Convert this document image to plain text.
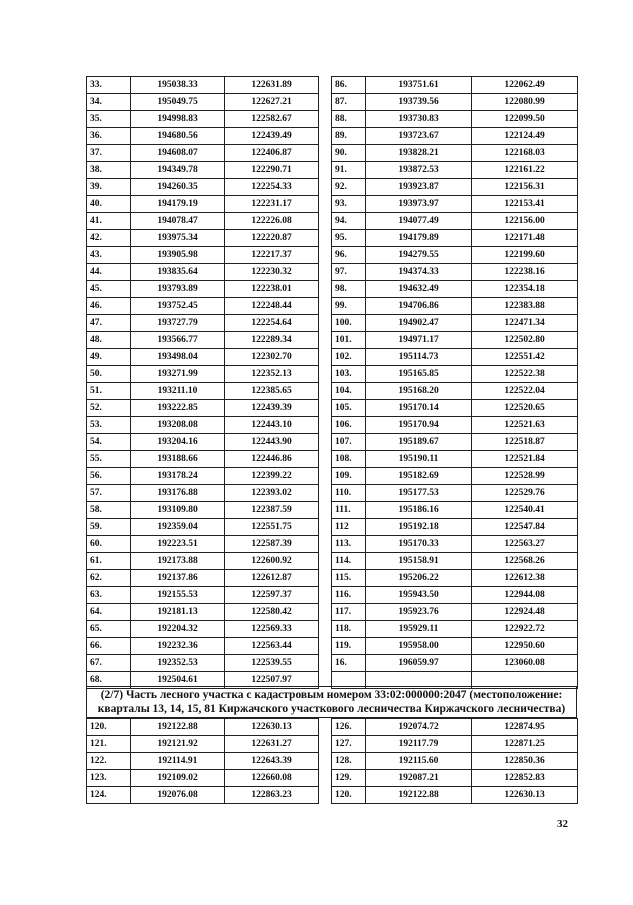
33.	195038.33	122631.89
34.	195049.75	122627.21
35.	194998.83	122582.67
36.	194680.56	122439.49
37.	194608.07	122406.87
38.	194349.78	122290.71
39.	194260.35	122254.33
40.	194179.19	122231.17
41.	194078.47	122226.08
42.	193975.34	122220.87
43.	193905.98	122217.37
44.	193835.64	122230.32
45.	193793.89	122238.01
46.	193752.45	122248.44
47.	193727.79	122254.64
48.	193566.77	122289.34
49.	193498.04	122302.70
50.	193271.99	122352.13
51.	193211.10	122385.65
52.	193222.85	122439.39
53.	193208.08	122443.10
54.	193204.16	122443.90
55.	193188.66	122446.86
56.	193178.24	122399.22
57.	193176.88	122393.02
58.	193109.80	122387.59
59.	192359.04	122551.75
60.	192223.51	122587.39
61.	192173.88	122600.92
62.	192137.86	122612.87
63.	192155.53	122597.37
64.	192181.13	122580.42
65.	192204.32	122569.33
66.	192232.36	122563.44
67.	192352.53	122539.55
68.	192504.61	122507.97
86.	193751.61	122062.49
87.	193739.56	122080.99
88.	193730.83	122099.50
89.	193723.67	122124.49
90.	193828.21	122168.03
91.	193872.53	122161.22
92.	193923.87	122156.31
93.	193973.97	122153.41
94.	194077.49	122156.00
95.	194179.89	122171.48
96.	194279.55	122199.60
97.	194374.33	122238.16
98.	194632.49	122354.18
99.	194706.86	122383.88
100.	194902.47	122471.34
101.	194971.17	122502.80
102.	195114.73	122551.42
103.	195165.85	122522.38
104.	195168.20	122522.04
105.	195170.14	122520.65
106.	195170.94	122521.63
107.	195189.67	122518.87
108.	195190.11	122521.84
109.	195182.69	122528.99
110.	195177.53	122529.76
111.	195186.16	122540.41
112	195192.18	122547.84
113.	195170.33	122563.27
114.	195158.91	122568.26
115.	195206.22	122612.38
116.	195943.50	122944.08
117.	195923.76	122924.48
118.	195929.11	122922.72
119.	195958.00	122950.60
16.	196059.97	123060.08

(2/7) Часть лесного участка с кадастровым номером 33:02:000000:2047 (местоположение: кварталы 13, 14, 15, 81 Киржачского участкового лесничества Киржачского лесничества)
120.	192122.88	122630.13
121.	192121.92	122631.27
122.	192114.91	122643.39
123.	192109.02	122660.08
124.	192076.08	122863.23
126.	192074.72	122874.95
127.	192117.79	122871.25
128.	192115.60	122850.36
129.	192087.21	122852.83
120.	192122.88	122630.13
32
